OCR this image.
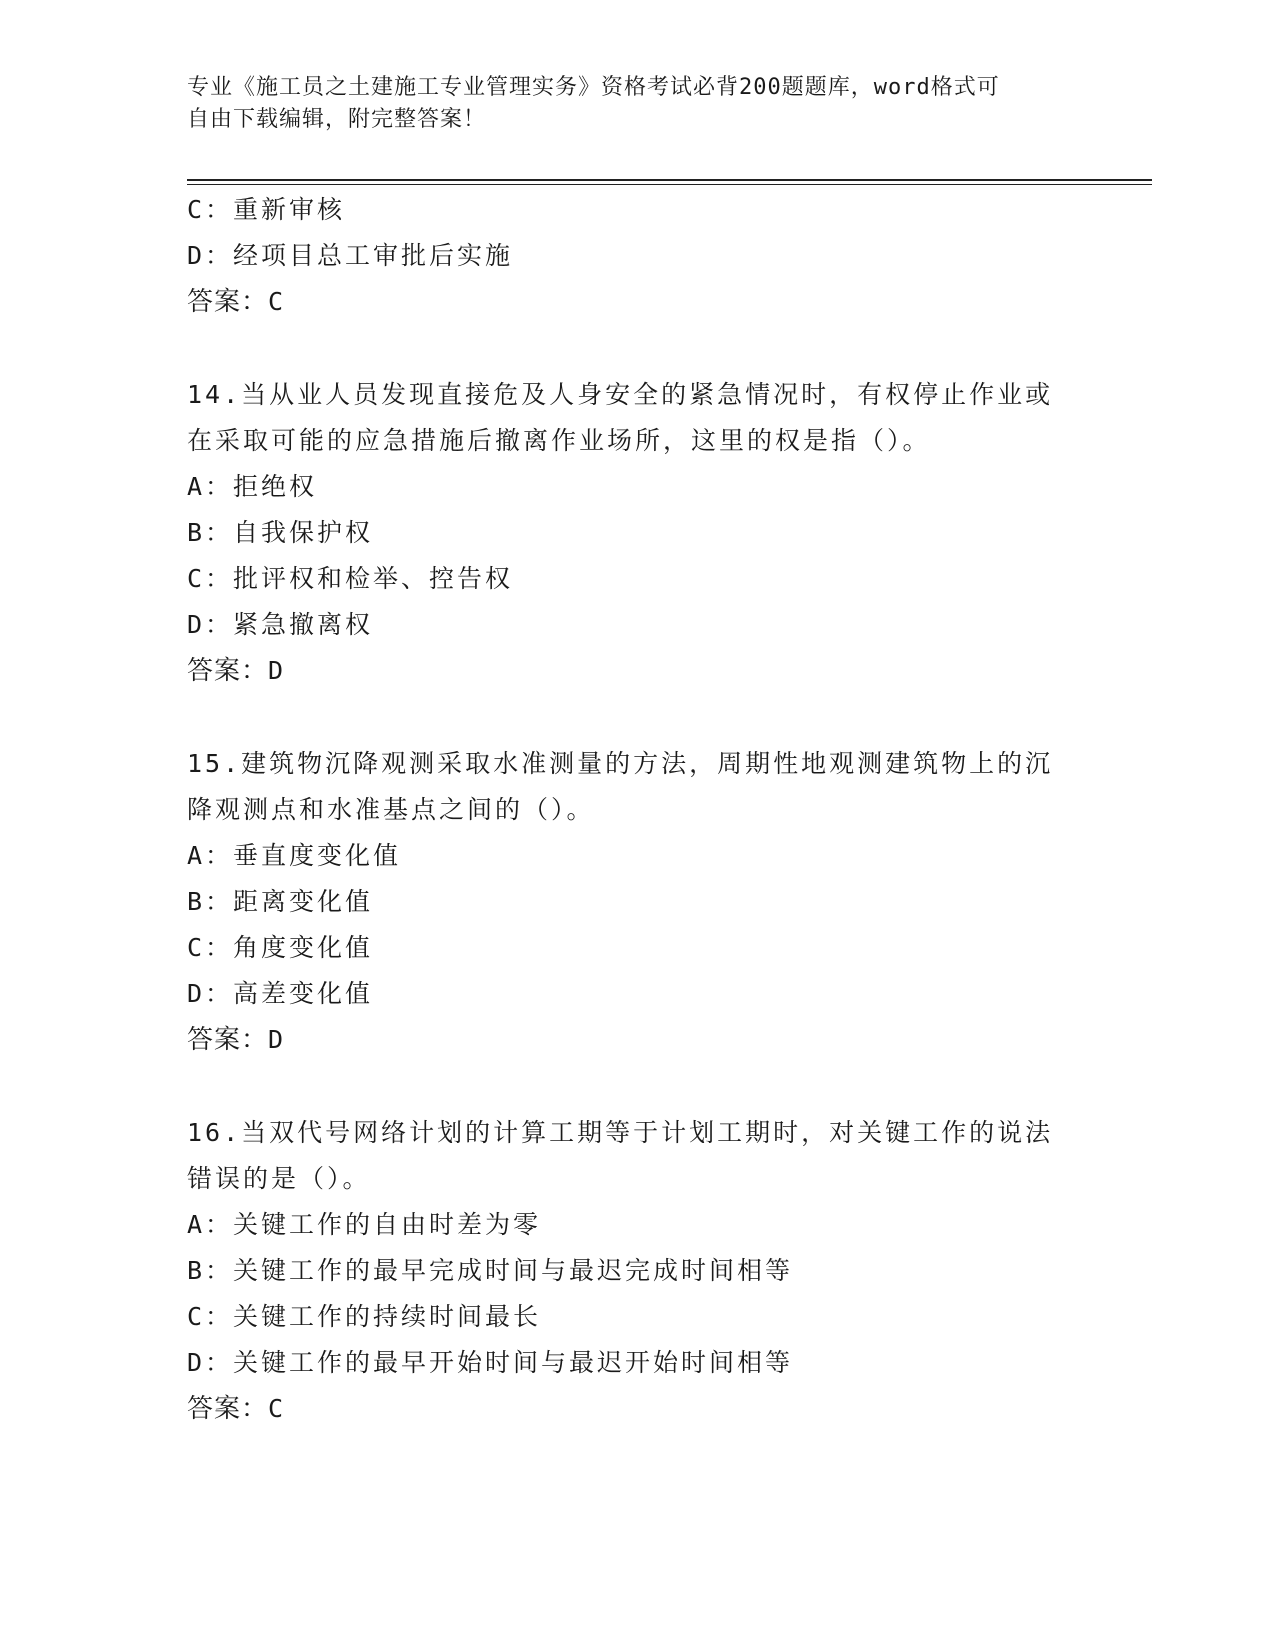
专业《施工员之土建施工专业管理实务》资格考试必背200题题库，word格式可
自由下载编辑，附完整答案！
C：重新审核
D：经项目总工审批后实施
答案：C
14.当从业人员发现直接危及人身安全的紧急情况时，有权停止作业或
在采取可能的应急措施后撤离作业场所，这里的权是指（）。
A：拒绝权
B：自我保护权
C：批评权和检举、控告权
D：紧急撤离权
答案：D
15.建筑物沉降观测采取水准测量的方法，周期性地观测建筑物上的沉
降观测点和水准基点之间的（）。
A：垂直度变化值
B：距离变化值
C：角度变化值
D：高差变化值
答案：D
16.当双代号网络计划的计算工期等于计划工期时，对关键工作的说法
错误的是（）。
A：关键工作的自由时差为零
B：关键工作的最早完成时间与最迟完成时间相等
C：关键工作的持续时间最长
D：关键工作的最早开始时间与最迟开始时间相等
答案：C
